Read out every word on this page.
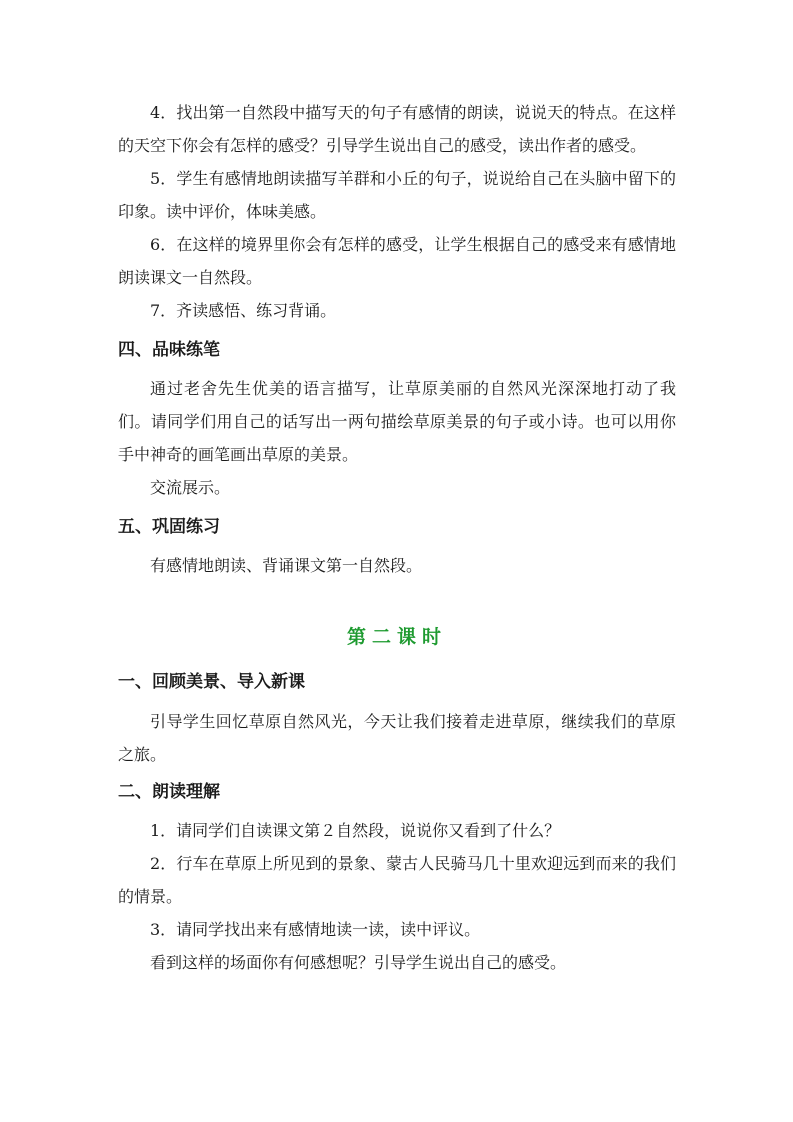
4．找出第一自然段中描写天的句子有感情的朗读，说说天的特点。在这样的天空下你会有怎样的感受？引导学生说出自己的感受，读出作者的感受。

5．学生有感情地朗读描写羊群和小丘的句子，说说给自己在头脑中留下的印象。读中评价，体味美感。

6．在这样的境界里你会有怎样的感受，让学生根据自己的感受来有感情地朗读课文一自然段。

7．齐读感悟、练习背诵。

四、品味练笔

通过老舍先生优美的语言描写，让草原美丽的自然风光深深地打动了我们。请同学们用自己的话写出一两句描绘草原美景的句子或小诗。也可以用你手中神奇的画笔画出草原的美景。

交流展示。

五、巩固练习

有感情地朗读、背诵课文第一自然段。

第二课时
一、回顾美景、导入新课

引导学生回忆草原自然风光，今天让我们接着走进草原，继续我们的草原之旅。

二、朗读理解

1．请同学们自读课文第２自然段，说说你又看到了什么？

2．行车在草原上所见到的景象、蒙古人民骑马几十里欢迎远到而来的我们的情景。

3．请同学找出来有感情地读一读，读中评议。

看到这样的场面你有何感想呢？引导学生说出自己的感受。
